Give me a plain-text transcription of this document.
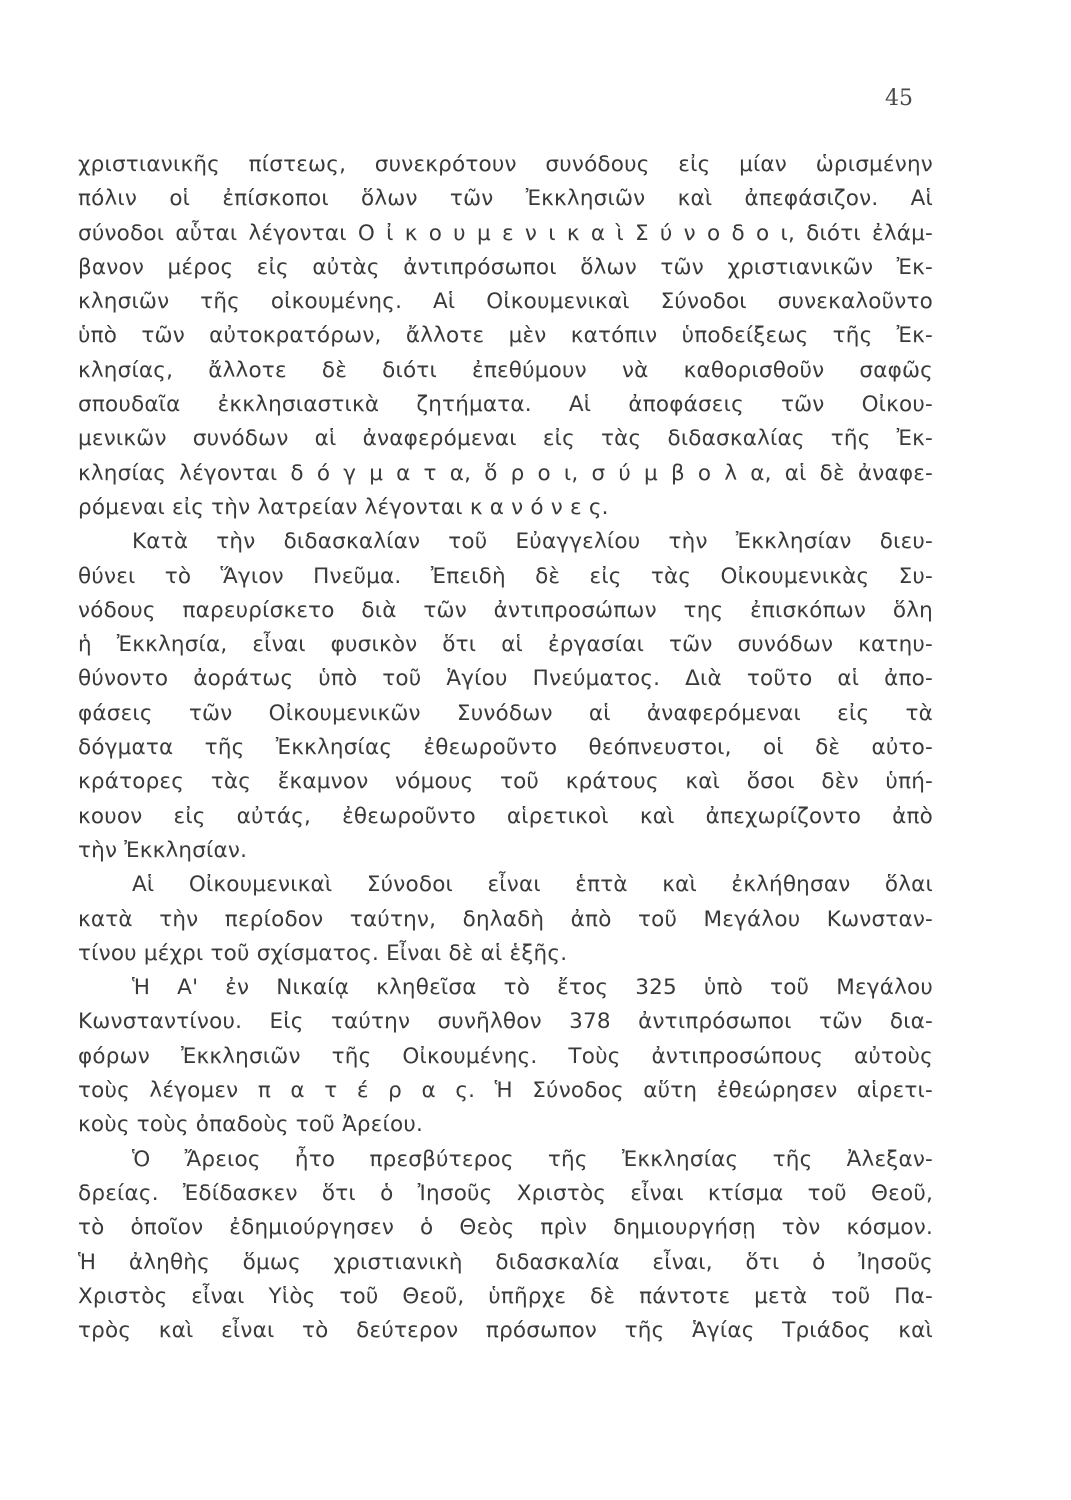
45
χριστιανικῆς πίστεως, συνεκρότουν συνόδους εἰς μίαν ὡρισμένην
πόλιν οἱ ἐπίσκοποι ὅλων τῶν Ἐκκλησιῶν καὶ ἀπεφάσιζον. Αἱ
σύνοδοι αὗται λέγονται Ο ἰ κ ο υ μ ε ν ι κ α ὶ Σ ύ ν ο δ ο ι, διότι ἐλάμ-
βανον μέρος εἰς αὐτὰς ἀντιπρόσωποι ὅλων τῶν χριστιανικῶν Ἐκ-
κλησιῶν τῆς οἰκουμένης. Αἱ Οἰκουμενικαὶ Σύνοδοι συνεκαλοῦντο
ὑπὸ τῶν αὐτοκρατόρων, ἄλλοτε μὲν κατόπιν ὑποδείξεως τῆς Ἐκ-
κλησίας, ἄλλοτε δὲ διότι ἐπεθύμουν νὰ καθορισθοῦν σαφῶς
σπουδαῖα ἐκκλησιαστικὰ ζητήματα. Αἱ ἀποφάσεις τῶν Οἰκου-
μενικῶν συνόδων αἱ ἀναφερόμεναι εἰς τὰς διδασκαλίας τῆς Ἐκ-
κλησίας λέγονται δ ό γ μ α τ α, ὅ ρ ο ι, σ ύ μ β ο λ α, αἱ δὲ ἀναφε-
ρόμεναι εἰς τὴν λατρείαν λέγονται κ α ν ό ν ε ς.
Κατὰ τὴν διδασκαλίαν τοῦ Εὐαγγελίου τὴν Ἐκκλησίαν διευ-
θύνει τὸ Ἅγιον Πνεῦμα. Ἐπειδὴ δὲ εἰς τὰς Οἰκουμενικὰς Συ-
νόδους παρευρίσκετο διὰ τῶν ἀντιπροσώπων της ἐπισκόπων ὅλη
ἡ Ἐκκλησία, εἶναι φυσικὸν ὅτι αἱ ἐργασίαι τῶν συνόδων κατηυ-
θύνοντο ἀοράτως ὑπὸ τοῦ Ἁγίου Πνεύματος. Διὰ τοῦτο αἱ ἀπο-
φάσεις τῶν Οἰκουμενικῶν Συνόδων αἱ ἀναφερόμεναι εἰς τὰ
δόγματα τῆς Ἐκκλησίας ἐθεωροῦντο θεόπνευστοι, οἱ δὲ αὐτο-
κράτορες τὰς ἔκαμνον νόμους τοῦ κράτους καὶ ὅσοι δὲν ὑπή-
κουον εἰς αὐτάς, ἐθεωροῦντο αἱρετικοὶ καὶ ἀπεχωρίζοντο ἀπὸ
τὴν Ἐκκλησίαν.
Αἱ Οἰκουμενικαὶ Σύνοδοι εἶναι ἑπτὰ καὶ ἐκλήθησαν ὅλαι
κατὰ τὴν περίοδον ταύτην, δηλαδὴ ἀπὸ τοῦ Μεγάλου Κωνσταν-
τίνου μέχρι τοῦ σχίσματος. Εἶναι δὲ αἱ ἑξῆς.
Ἡ Α' ἐν Νικαίᾳ κληθεῖσα τὸ ἔτος 325 ὑπὸ τοῦ Μεγάλου
Κωνσταντίνου. Εἰς ταύτην συνῆλθον 378 ἀντιπρόσωποι τῶν δια-
φόρων Ἐκκλησιῶν τῆς Οἰκουμένης. Τοὺς ἀντιπροσώπους αὐτοὺς
τοὺς λέγομεν π α τ έ ρ α ς. Ἡ Σύνοδος αὕτη ἐθεώρησεν αἱρετι-
κοὺς τοὺς ὀπαδοὺς τοῦ Ἀρείου.
Ὁ Ἄρειος ἦτο πρεσβύτερος τῆς Ἐκκλησίας τῆς Ἀλεξαν-
δρείας. Ἐδίδασκεν ὅτι ὁ Ἰησοῦς Χριστὸς εἶναι κτίσμα τοῦ Θεοῦ,
τὸ ὁποῖον ἐδημιούργησεν ὁ Θεὸς πρὶν δημιουργήσῃ τὸν κόσμον.
Ἡ ἀληθὴς ὅμως χριστιανικὴ διδασκαλία εἶναι, ὅτι ὁ Ἰησοῦς
Χριστὸς εἶναι Υἱὸς τοῦ Θεοῦ, ὑπῆρχε δὲ πάντοτε μετὰ τοῦ Πα-
τρὸς καὶ εἶναι τὸ δεύτερον πρόσωπον τῆς Ἁγίας Τριάδος καὶ
